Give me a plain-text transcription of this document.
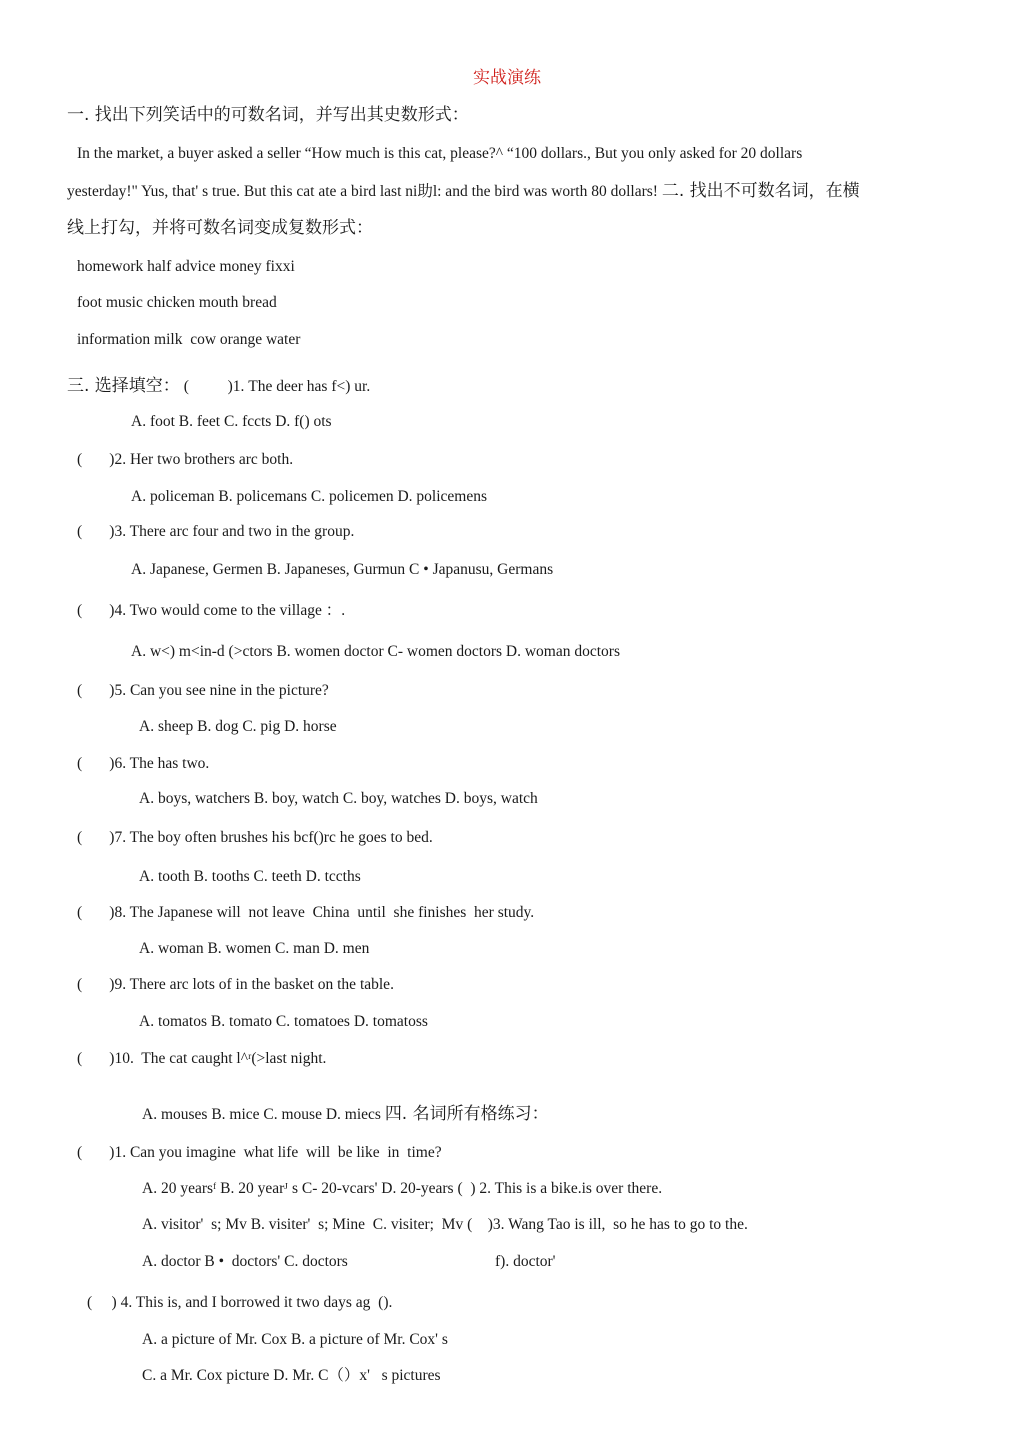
实战演练
一. 找出下列笑话中的可数名词，并写出其史数形式：
In the market, a buyer asked a seller “How much is this cat, please?^ “100 dollars., But you only asked for 20 dollars
yesterday!" Yus, that' s true. But this cat ate a bird last ni助l: and the bird was worth 80 dollars! 二. 找出不可数名词，在横
线上打勾，并将可数名词变成复数形式：
homework half advice money fixxi
foot music chicken mouth bread
information milk  cow orange water
三. 选择填空： (          )1. The deer has f<) ur.
A. foot B. feet C. fccts D. f() ots
(       )2. Her two brothers arc both.
A. policeman B. policemans C. policemen D. policemens
(       )3. There arc four and two in the group.
A. Japanese, Germen B. Japaneses, Gurmun C • Japanusu, Germans
(       )4. Two would come to the village ：.
A. w<) m<in-d (>ctors B. women doctor C- women doctors D. woman doctors
(       )5. Can you see nine in the picture?
A. sheep B. dog C. pig D. horse
(       )6. The has two.
A. boys, watchers B. boy, watch C. boy, watches D. boys, watch
(       )7. The boy often brushes his bcf()rc he goes to bed.
A. tooth B. tooths C. teeth D. tccths
(       )8. The Japanese will  not leave  China  until  she finishes  her study.
A. woman B. women C. man D. men
(       )9. There arc lots of in the basket on the table.
A. tomatos B. tomato C. tomatoes D. tomatoss
(       )10.  The cat caught l^ʳ(>last night.
A. mouses B. mice C. mouse D. miecs 四. 名词所有格练习：
(       )1. Can you imagine  what life  will  be like  in  time?
A. 20 yearsᶠ B. 20 yearᴶ s C- 20-vcars' D. 20-years (  ) 2. This is a bike.is over there.
A. visitor'  s; Mv B. visiter'  s; Mine  C. visiter;  Mv (    )3. Wang Tao is ill,  so he has to go to the.
A. doctor B •  doctors' C. doctors	f). doctor'
(     ) 4. This is, and I borrowed it two days ag  ().
A. a picture of Mr. Cox B. a picture of Mr. Cox' s
C. a Mr. Cox picture D. Mr. C（）x'   s pictures
